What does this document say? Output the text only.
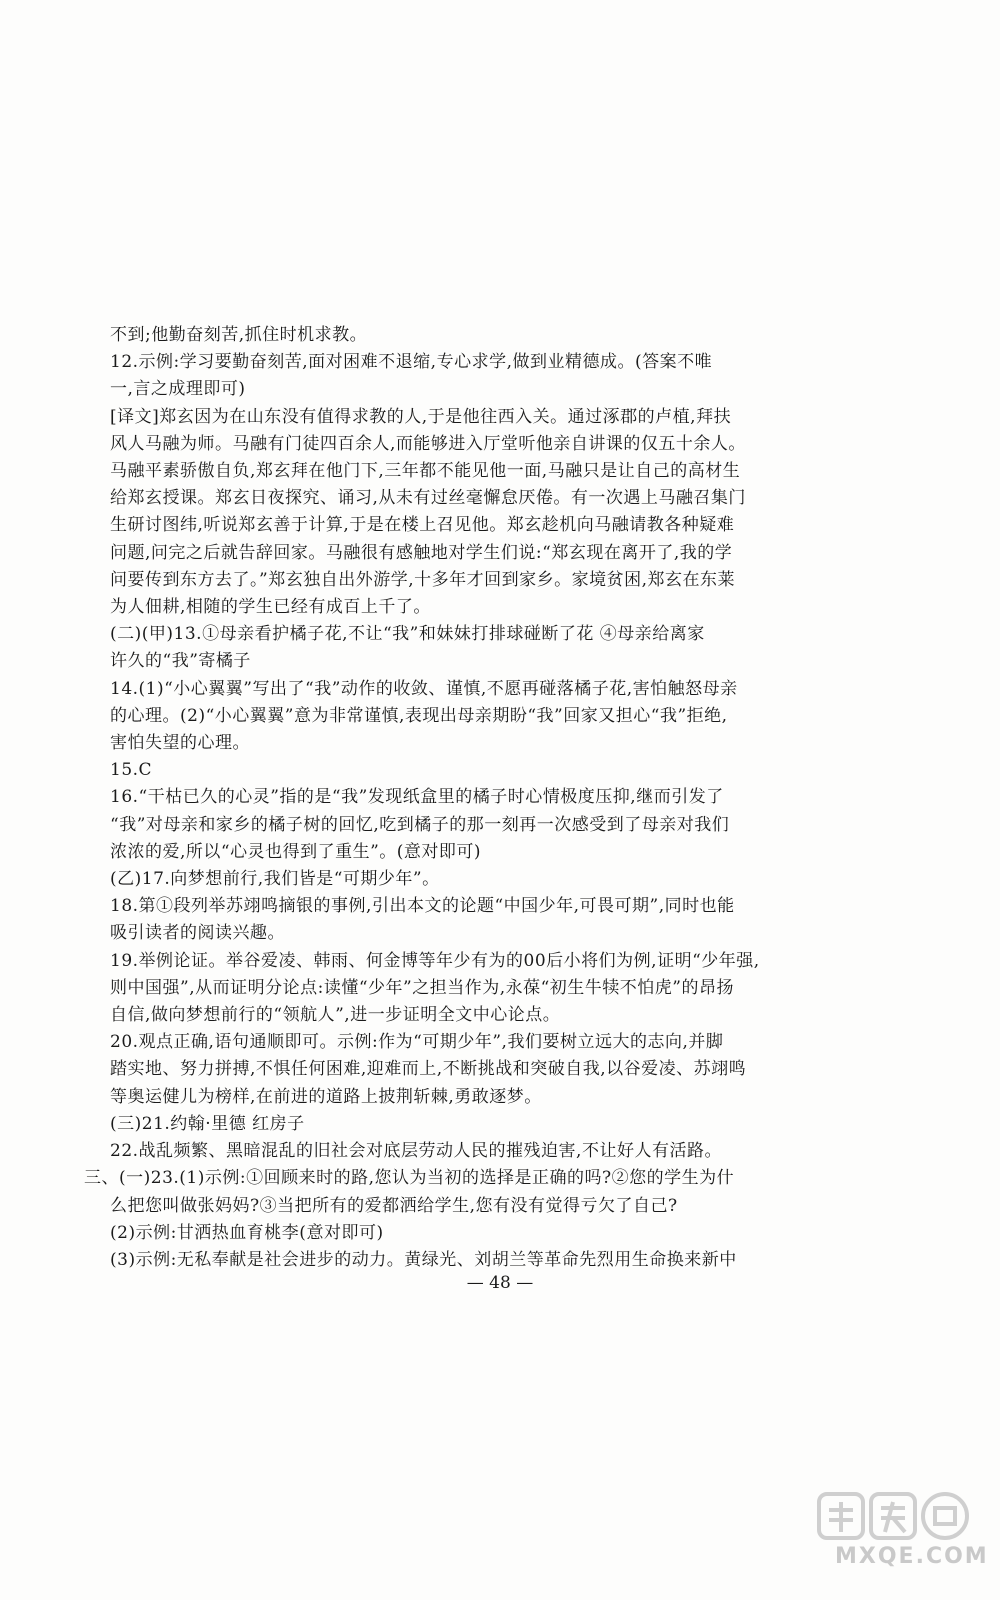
不到;他勤奋刻苦,抓住时机求教。
12.示例:学习要勤奋刻苦,面对困难不退缩,专心求学,做到业精德成。(答案不唯
一,言之成理即可)
[译文]郑玄因为在山东没有值得求教的人,于是他往西入关。通过涿郡的卢植,拜扶
风人马融为师。马融有门徒四百余人,而能够进入厅堂听他亲自讲课的仅五十余人。
马融平素骄傲自负,郑玄拜在他门下,三年都不能见他一面,马融只是让自己的高材生
给郑玄授课。郑玄日夜探究、诵习,从未有过丝毫懈怠厌倦。有一次遇上马融召集门
生研讨图纬,听说郑玄善于计算,于是在楼上召见他。郑玄趁机向马融请教各种疑难
问题,问完之后就告辞回家。马融很有感触地对学生们说:“郑玄现在离开了,我的学
问要传到东方去了。”郑玄独自出外游学,十多年才回到家乡。家境贫困,郑玄在东莱
为人佃耕,相随的学生已经有成百上千了。
(二)(甲)13.①母亲看护橘子花,不让“我”和妹妹打排球碰断了花 ④母亲给离家
许久的“我”寄橘子
14.(1)“小心翼翼”写出了“我”动作的收敛、谨慎,不愿再碰落橘子花,害怕触怒母亲
的心理。(2)“小心翼翼”意为非常谨慎,表现出母亲期盼“我”回家又担心“我”拒绝,
害怕失望的心理。
15.C
16.“干枯已久的心灵”指的是“我”发现纸盒里的橘子时心情极度压抑,继而引发了
“我”对母亲和家乡的橘子树的回忆,吃到橘子的那一刻再一次感受到了母亲对我们
浓浓的爱,所以“心灵也得到了重生”。(意对即可)
(乙)17.向梦想前行,我们皆是“可期少年”。
18.第①段列举苏翊鸣摘银的事例,引出本文的论题“中国少年,可畏可期”,同时也能
吸引读者的阅读兴趣。
19.举例论证。举谷爱凌、韩雨、何金博等年少有为的00后小将们为例,证明“少年强,
则中国强”,从而证明分论点:读懂“少年”之担当作为,永葆“初生牛犊不怕虎”的昂扬
自信,做向梦想前行的“领航人”,进一步证明全文中心论点。
20.观点正确,语句通顺即可。示例:作为“可期少年”,我们要树立远大的志向,并脚
踏实地、努力拼搏,不惧任何困难,迎难而上,不断挑战和突破自我,以谷爱凌、苏翊鸣
等奥运健儿为榜样,在前进的道路上披荆斩棘,勇敢逐梦。
(三)21.约翰·里德 红房子
22.战乱频繁、黑暗混乱的旧社会对底层劳动人民的摧残迫害,不让好人有活路。
三、(一)23.(1)示例:①回顾来时的路,您认为当初的选择是正确的吗?②您的学生为什
么把您叫做张妈妈?③当把所有的爱都洒给学生,您有没有觉得亏欠了自己?
(2)示例:甘洒热血育桃李(意对即可)
(3)示例:无私奉献是社会进步的动力。黄绿光、刘胡兰等革命先烈用生命换来新中
— 48 —
MXQE.COM
